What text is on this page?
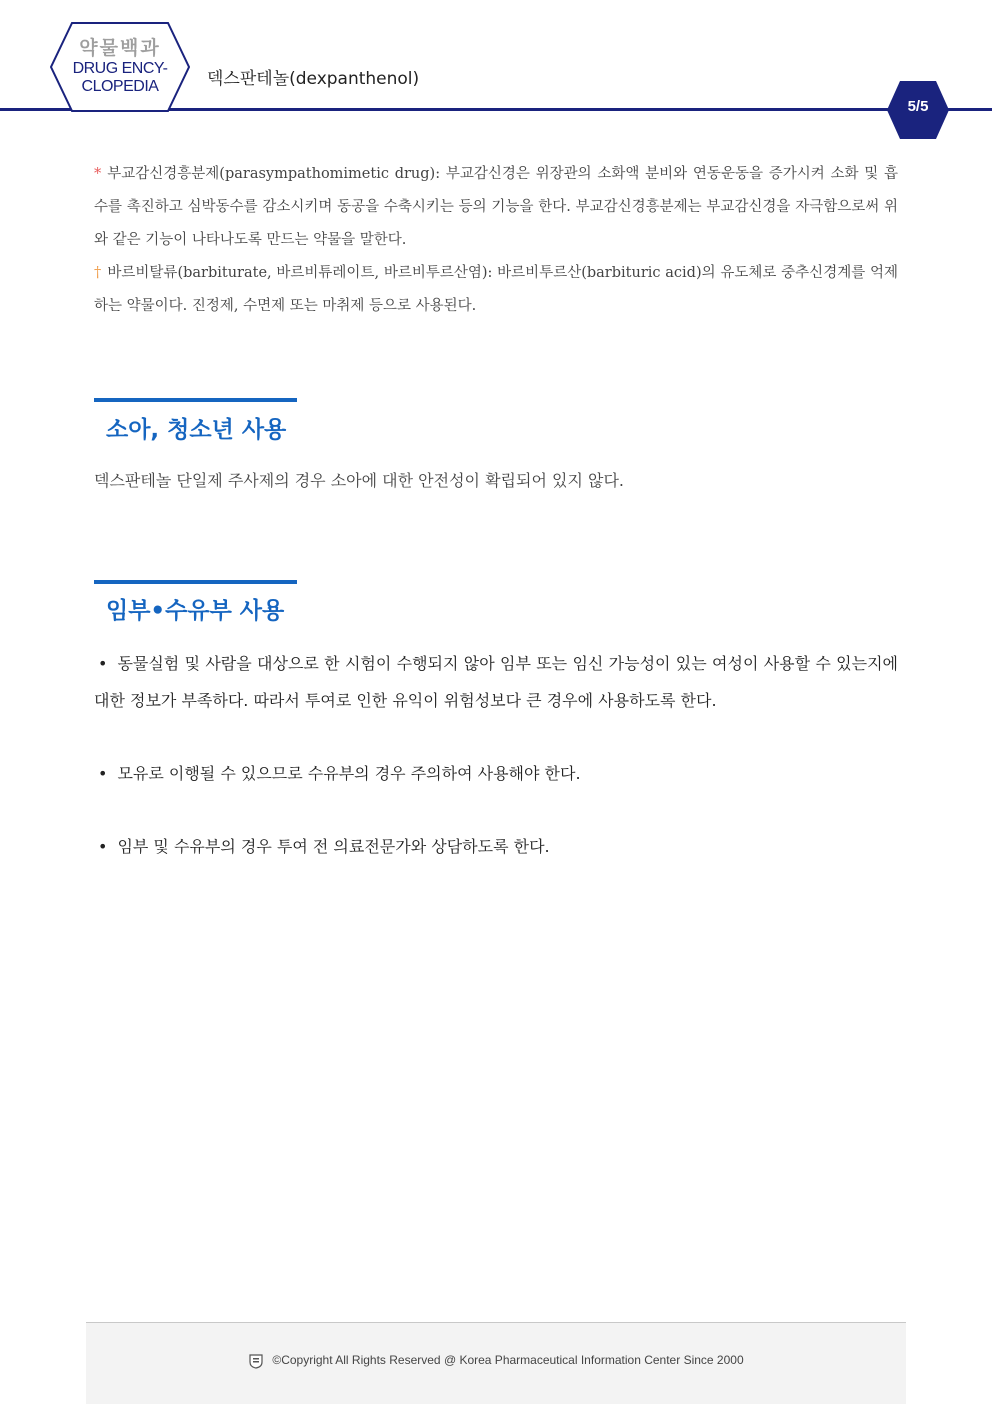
약물백과
DRUG ENCY-
CLOPEDIA	덱스판테놀(dexpanthenol)
5/5
* 부교감신경흥분제(parasympathomimetic drug): 부교감신경은 위장관의 소화액 분비와 연동운동을 증가시켜 소화 및 흡수를 촉진하고 심박동수를 감소시키며 동공을 수축시키는 등의 기능을 한다. 부교감신경흥분제는 부교감신경을 자극함으로써 위와 같은 기능이 나타나도록 만드는 약물을 말한다.
† 바르비탈류(barbiturate, 바르비튜레이트, 바르비투르산염): 바르비투르산(barbituric acid)의 유도체로 중추신경계를 억제하는 약물이다. 진정제, 수면제 또는 마취제 등으로 사용된다.
소아, 청소년 사용
덱스판테놀 단일제 주사제의 경우 소아에 대한 안전성이 확립되어 있지 않다.
임부•수유부 사용
• 동물실험 및 사람을 대상으로 한 시험이 수행되지 않아 임부 또는 임신 가능성이 있는 여성이 사용할 수 있는지에 대한 정보가 부족하다. 따라서 투여로 인한 유익이 위험성보다 큰 경우에 사용하도록 한다.
• 모유로 이행될 수 있으므로 수유부의 경우 주의하여 사용해야 한다.
• 임부 및 수유부의 경우 투여 전 의료전문가와 상담하도록 한다.
©Copyright All Rights Reserved @ Korea Pharmaceutical Information Center Since 2000
